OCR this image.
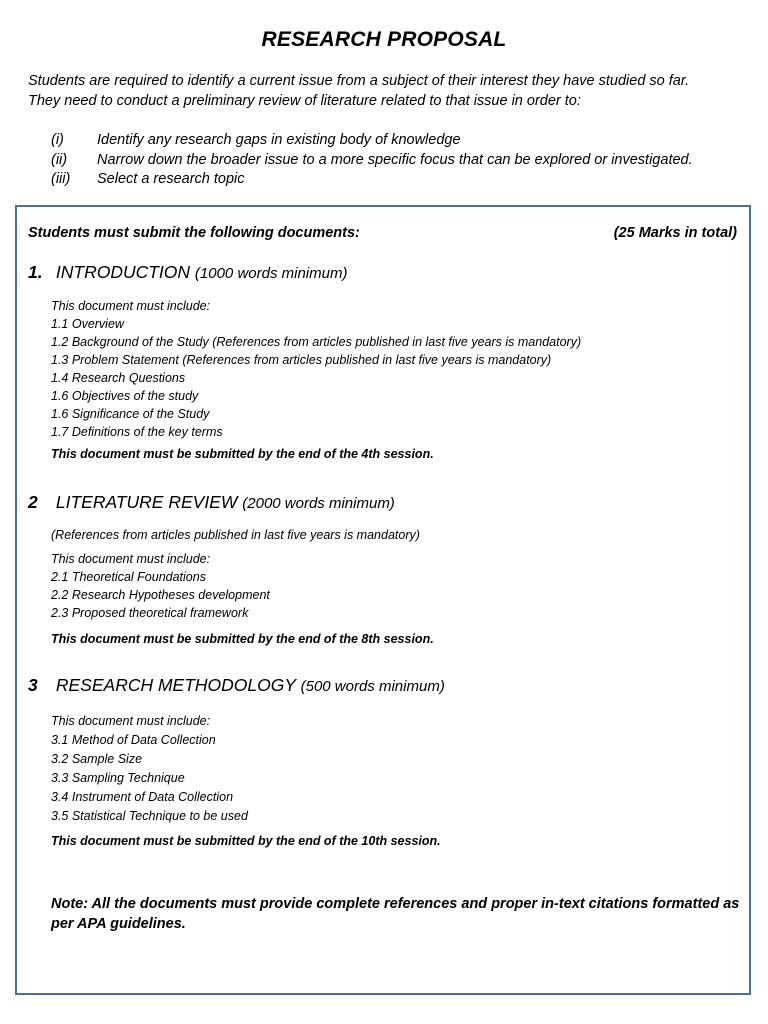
RESEARCH PROPOSAL
Students are required to identify a current issue from a subject of their interest they have studied so far.
They need to conduct a preliminary review of literature related to that issue in order to:
(i) Identify any research gaps in existing body of knowledge
(ii) Narrow down the broader issue to a more specific focus that can be explored or investigated.
(iii) Select a research topic
Students must submit the following documents:	(25 Marks in total)
1. INTRODUCTION (1000 words minimum)
This document must include:
1.1 Overview
1.2 Background of the Study (References from articles published in last five years is mandatory)
1.3 Problem Statement (References from articles published in last five years is mandatory)
1.4 Research Questions
1.6 Objectives of the study
1.6 Significance of the Study
1.7 Definitions of the key terms
This document must be submitted by the end of the 4th session.
2 LITERATURE REVIEW (2000 words minimum)
(References from articles published in last five years is mandatory)
This document must include:
2.1 Theoretical Foundations
2.2 Research Hypotheses development
2.3 Proposed theoretical framework
This document must be submitted by the end of the 8th session.
3 RESEARCH METHODOLOGY (500 words minimum)
This document must include:
3.1 Method of Data Collection
3.2 Sample Size
3.3 Sampling Technique
3.4 Instrument of Data Collection
3.5 Statistical Technique to be used
This document must be submitted by the end of the 10th session.
Note: All the documents must provide complete references and proper in-text citations formatted as per APA guidelines.
